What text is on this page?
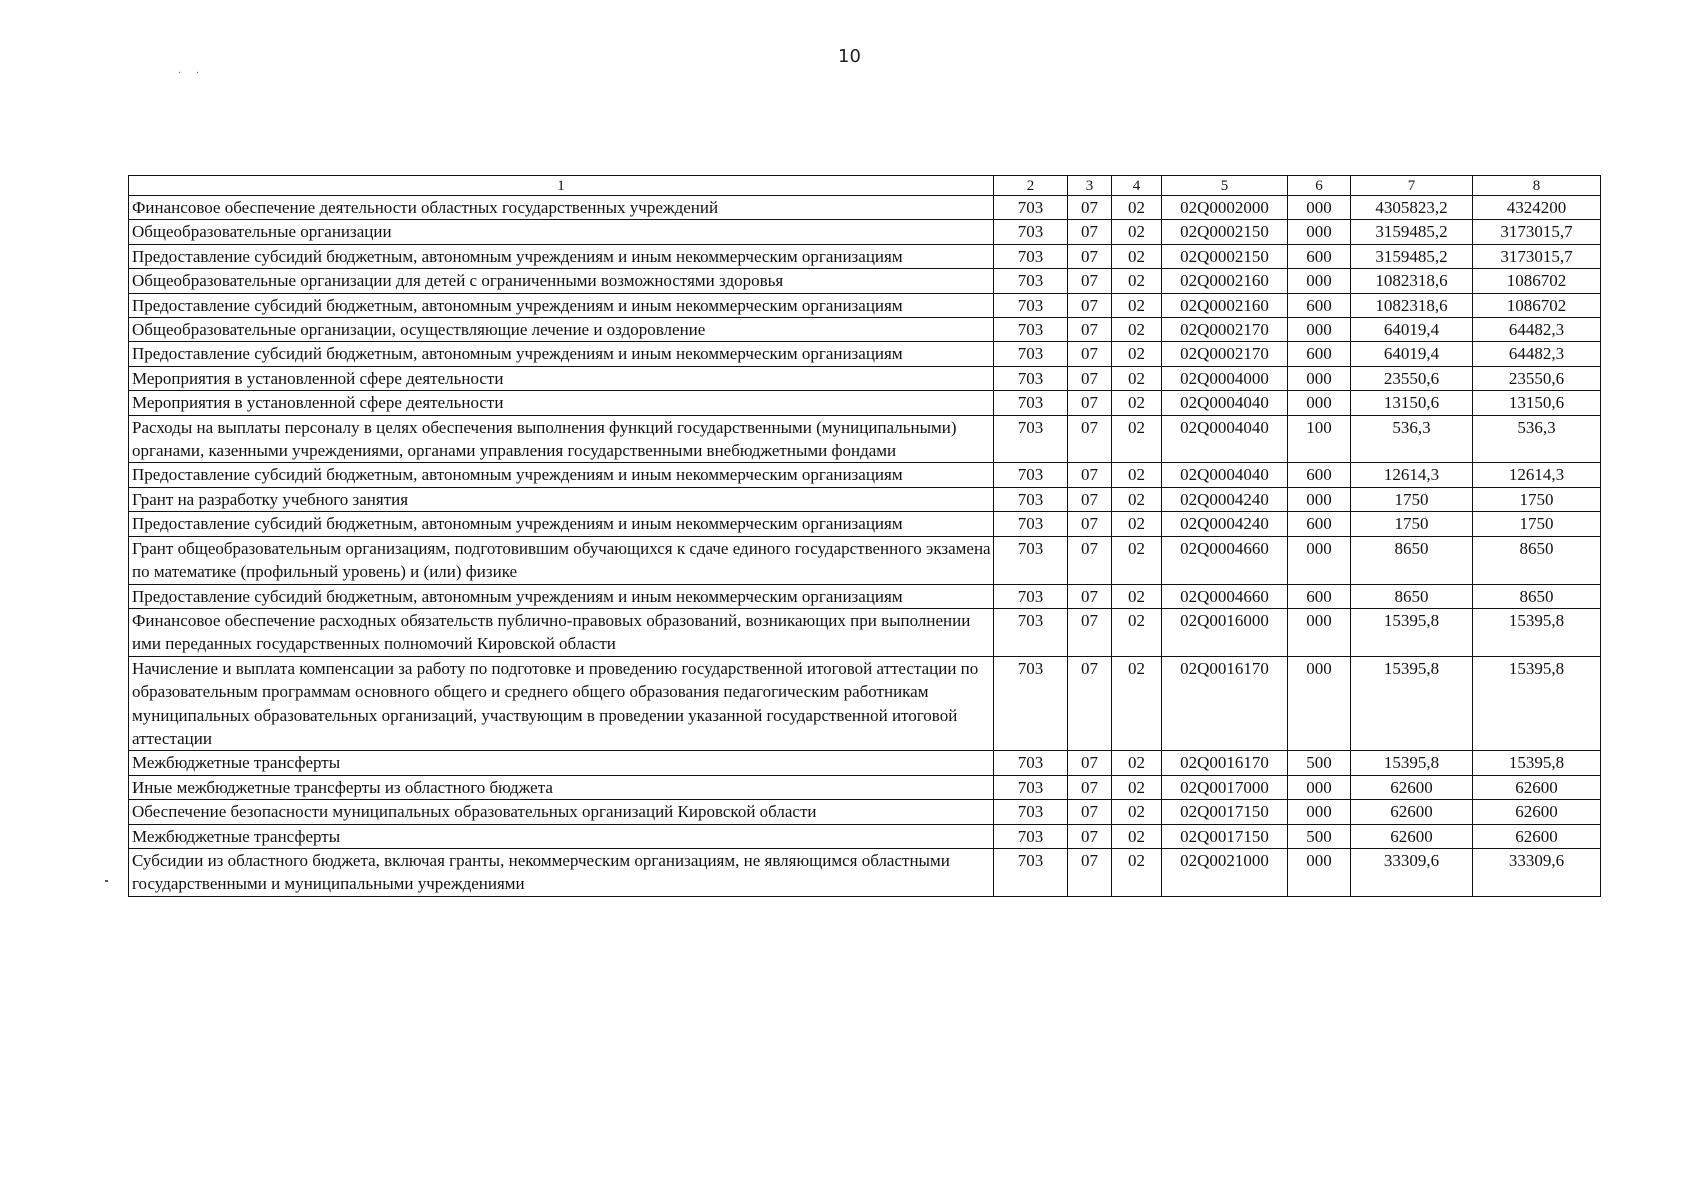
10
· ·
1	2	3	4	5	6	7	8
Финансовое обеспечение деятельности областных государственных учреждений	703	07	02	02Q0002000	000	4305823,2	4324200
Общеобразовательные организации	703	07	02	02Q0002150	000	3159485,2	3173015,7
Предоставление субсидий бюджетным, автономным учреждениям и иным некоммерческим организациям	703	07	02	02Q0002150	600	3159485,2	3173015,7
Общеобразовательные организации для детей с ограниченными возможностями здоровья	703	07	02	02Q0002160	000	1082318,6	1086702
Предоставление субсидий бюджетным, автономным учреждениям и иным некоммерческим организациям	703	07	02	02Q0002160	600	1082318,6	1086702
Общеобразовательные организации, осуществляющие лечение и оздоровление	703	07	02	02Q0002170	000	64019,4	64482,3
Предоставление субсидий бюджетным, автономным учреждениям и иным некоммерческим организациям	703	07	02	02Q0002170	600	64019,4	64482,3
Мероприятия в установленной сфере деятельности	703	07	02	02Q0004000	000	23550,6	23550,6
Мероприятия в установленной сфере деятельности	703	07	02	02Q0004040	000	13150,6	13150,6
Расходы на выплаты персоналу в целях обеспечения выполнения функций государственными (муниципальными) органами, казенными учреждениями, органами управления государственными внебюджетными фондами	703	07	02	02Q0004040	100	536,3	536,3
Предоставление субсидий бюджетным, автономным учреждениям и иным некоммерческим организациям	703	07	02	02Q0004040	600	12614,3	12614,3
Грант на разработку учебного занятия	703	07	02	02Q0004240	000	1750	1750
Предоставление субсидий бюджетным, автономным учреждениям и иным некоммерческим организациям	703	07	02	02Q0004240	600	1750	1750
Грант общеобразовательным организациям, подготовившим обучающихся к сдаче единого государственного экзамена по математике (профильный уровень) и (или) физике	703	07	02	02Q0004660	000	8650	8650
Предоставление субсидий бюджетным, автономным учреждениям и иным некоммерческим организациям	703	07	02	02Q0004660	600	8650	8650
Финансовое обеспечение расходных обязательств публично-правовых образований, возникающих при выполнении ими переданных государственных полномочий Кировской области	703	07	02	02Q0016000	000	15395,8	15395,8
Начисление и выплата компенсации за работу по подготовке и проведению государственной итоговой аттестации по образовательным программам основного общего и среднего общего образования педагогическим работникам муниципальных образовательных организаций, участвующим в проведении указанной государственной итоговой аттестации	703	07	02	02Q0016170	000	15395,8	15395,8
Межбюджетные трансферты	703	07	02	02Q0016170	500	15395,8	15395,8
Иные межбюджетные трансферты из областного бюджета	703	07	02	02Q0017000	000	62600	62600
Обеспечение безопасности муниципальных образовательных организаций Кировской области	703	07	02	02Q0017150	000	62600	62600
Межбюджетные трансферты	703	07	02	02Q0017150	500	62600	62600
Субсидии из областного бюджета, включая гранты, некоммерческим организациям, не являющимся областными государственными и муниципальными учреждениями	703	07	02	02Q0021000	000	33309,6	33309,6
